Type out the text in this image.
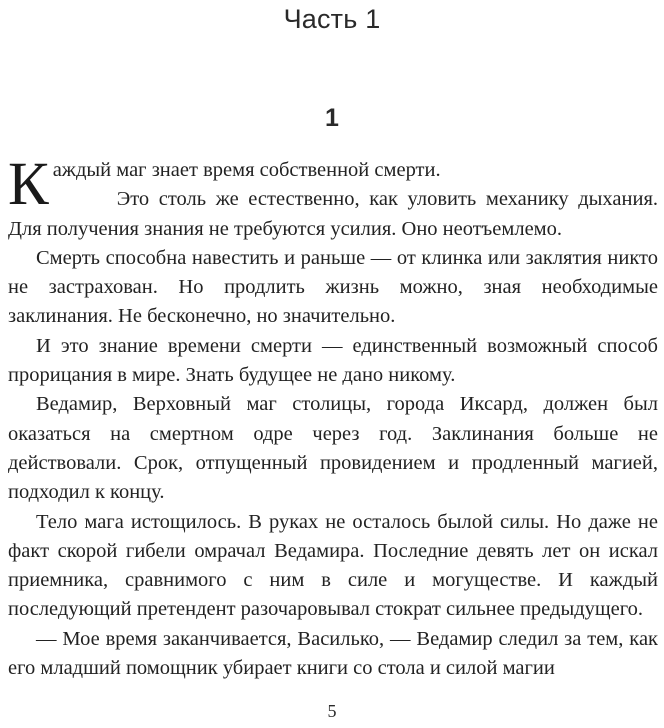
Часть 1
1

Каждый маг знает время собственной смерти.
Это столь же естественно, как уловить механику дыхания. Для получения знания не требуются усилия. Оно неотъемлемо.

Смерть способна навестить и раньше — от клинка или заклятия никто не застрахован. Но продлить жизнь можно, зная необходимые заклинания. Не бесконечно, но значительно.

И это знание времени смерти — единственный возможный способ прорицания в мире. Знать будущее не дано никому.

Ведамир, Верховный маг столицы, города Иксард, должен был оказаться на смертном одре через год. Заклинания больше не действовали. Срок, отпущенный провидением и продленный магией, подходил к концу.

Тело мага истощилось. В руках не осталось былой силы. Но даже не факт скорой гибели омрачал Ведамира. Последние девять лет он искал приемника, сравнимого с ним в силе и могуществе. И каждый последующий претендент разочаровывал стократ сильнее предыдущего.

— Мое время заканчивается, Василько, — Ведамир следил за тем, как его младший помощник убирает книги со стола и силой магии

5
